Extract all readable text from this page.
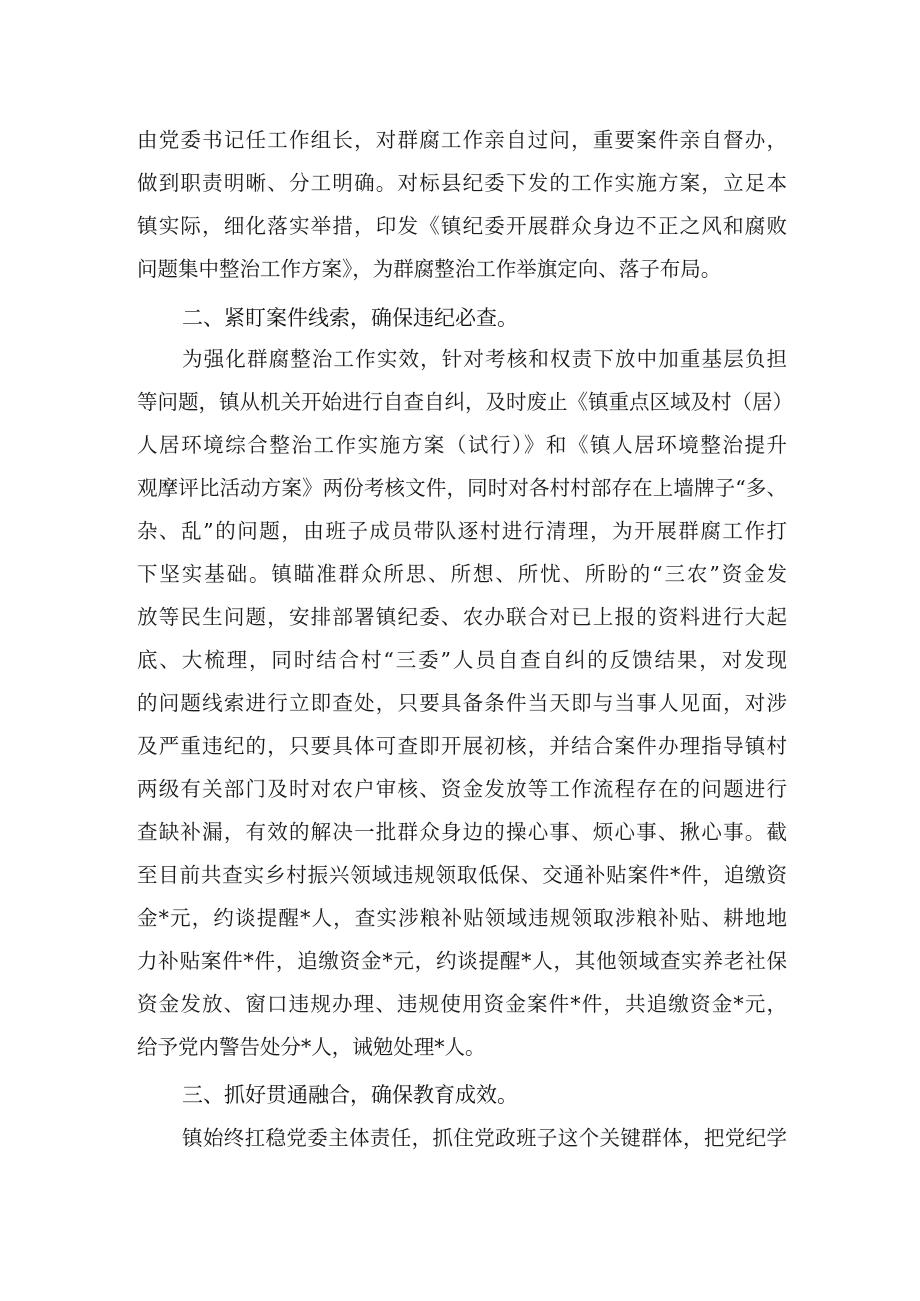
由党委书记任工作组长，对群腐工作亲自过问，重要案件亲自督办，
做到职责明晰、分工明确。对标县纪委下发的工作实施方案，立足本
镇实际，细化落实举措，印发《镇纪委开展群众身边不正之风和腐败
问题集中整治工作方案》，为群腐整治工作举旗定向、落子布局。
二、紧盯案件线索，确保违纪必查。
为强化群腐整治工作实效，针对考核和权责下放中加重基层负担
等问题，镇从机关开始进行自查自纠，及时废止《镇重点区域及村（居）
人居环境综合整治工作实施方案（试行）》和《镇人居环境整治提升
观摩评比活动方案》两份考核文件，同时对各村村部存在上墙牌子“多、
杂、乱”的问题，由班子成员带队逐村进行清理，为开展群腐工作打
下坚实基础。镇瞄准群众所思、所想、所忧、所盼的“三农”资金发
放等民生问题，安排部署镇纪委、农办联合对已上报的资料进行大起
底、大梳理，同时结合村“三委”人员自查自纠的反馈结果，对发现
的问题线索进行立即查处，只要具备条件当天即与当事人见面，对涉
及严重违纪的，只要具体可查即开展初核，并结合案件办理指导镇村
两级有关部门及时对农户审核、资金发放等工作流程存在的问题进行
查缺补漏，有效的解决一批群众身边的操心事、烦心事、揪心事。截
至目前共查实乡村振兴领域违规领取低保、交通补贴案件*件，追缴资
金*元，约谈提醒*人，查实涉粮补贴领域违规领取涉粮补贴、耕地地
力补贴案件*件，追缴资金*元，约谈提醒*人，其他领域查实养老社保
资金发放、窗口违规办理、违规使用资金案件*件，共追缴资金*元，
给予党内警告处分*人，诫勉处理*人。
三、抓好贯通融合，确保教育成效。
镇始终扛稳党委主体责任，抓住党政班子这个关键群体，把党纪学
